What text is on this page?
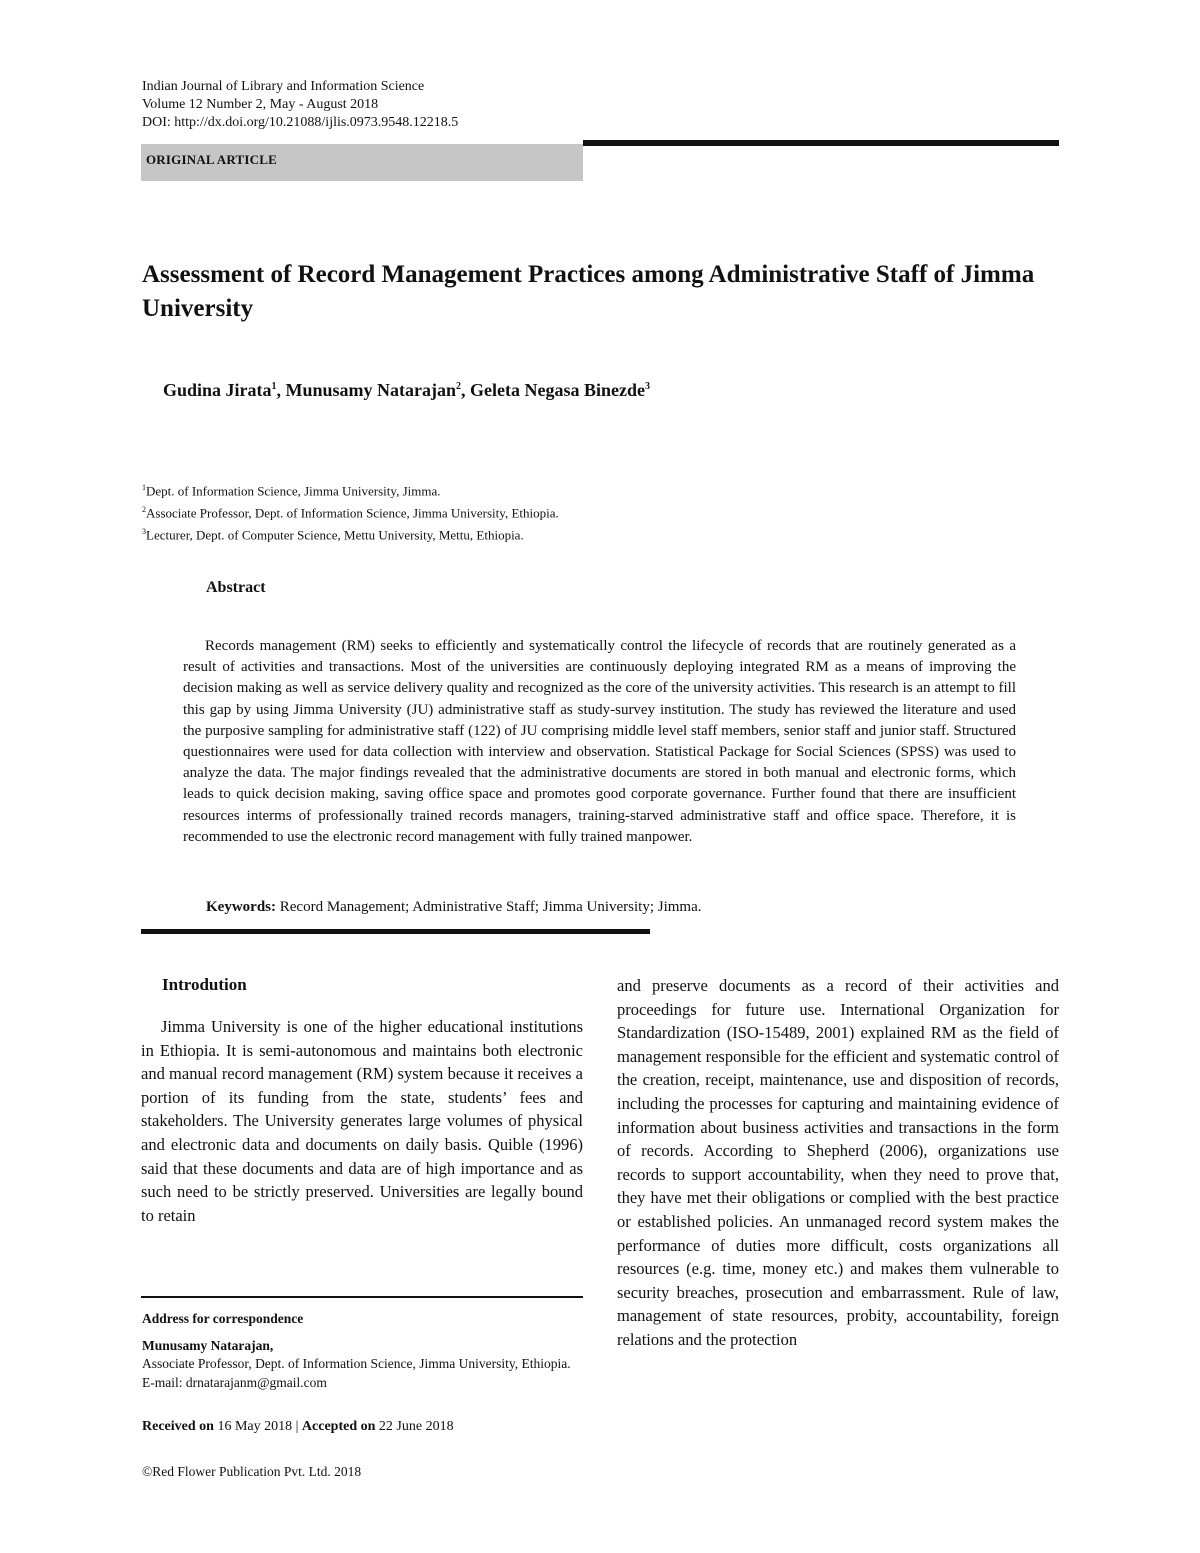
Indian Journal of Library and Information Science
Volume 12 Number 2, May - August 2018
DOI: http://dx.doi.org/10.21088/ijlis.0973.9548.12218.5
ORIGINAL ARTICLE
Assessment of Record Management Practices among Administrative Staff of Jimma University
Gudina Jirata$^1$, Munusamy Natarajan$^2$, Geleta Negasa Binezde$^3$
$^1$Dept. of Information Science, Jimma University, Jimma.
$^2$Associate Professor, Dept. of Information Science, Jimma University, Ethiopia.
$^3$Lecturer, Dept. of Computer Science, Mettu University, Mettu, Ethiopia.
Abstract
Records management (RM) seeks to efficiently and systematically control the lifecycle of records that are routinely generated as a result of activities and transactions. Most of the universities are continuously deploying integrated RM as a means of improving the decision making as well as service delivery quality and recognized as the core of the university activities. This research is an attempt to fill this gap by using Jimma University (JU) administrative staff as study-survey institution. The study has reviewed the literature and used the purposive sampling for administrative staff (122) of JU comprising middle level staff members, senior staff and junior staff. Structured questionnaires were used for data collection with interview and observation. Statistical Package for Social Sciences (SPSS) was used to analyze the data. The major findings revealed that the administrative documents are stored in both manual and electronic forms, which leads to quick decision making, saving office space and promotes good corporate governance. Further found that there are insufficient resources interms of professionally trained records managers, training-starved administrative staff and office space. Therefore, it is recommended to use the electronic record management with fully trained manpower.
Keywords: Record Management; Administrative Staff; Jimma University; Jimma.
Introdution
Jimma University is one of the higher educational institutions in Ethiopia. It is semi-autonomous and maintains both electronic and manual record management (RM) system because it receives a portion of its funding from the state, students’ fees and stakeholders. The University generates large volumes of physical and electronic data and documents on daily basis. Quible (1996) said that these documents and data are of high importance and as such need to be strictly preserved. Universities are legally bound to retain
and preserve documents as a record of their activities and proceedings for future use. International Organization for Standardization (ISO-15489, 2001) explained RM as the field of management responsible for the efficient and systematic control of the creation, receipt, maintenance, use and disposition of records, including the processes for capturing and maintaining evidence of information about business activities and transactions in the form of records. According to Shepherd (2006), organizations use records to support accountability, when they need to prove that, they have met their obligations or complied with the best practice or established policies. An unmanaged record system makes the performance of duties more difficult, costs organizations all resources (e.g. time, money etc.) and makes them vulnerable to security breaches, prosecution and embarrassment. Rule of law, management of state resources, probity, accountability, foreign relations and the protection

Address for correspondence

Munusamy Natarajan,

Associate Professor, Dept. of Information Science, Jimma University, Ethiopia.

E-mail: drnatarajanm@gmail.com

Received on 16 May 2018 | Accepted on 22 June 2018
©Red Flower Publication Pvt. Ltd. 2018
